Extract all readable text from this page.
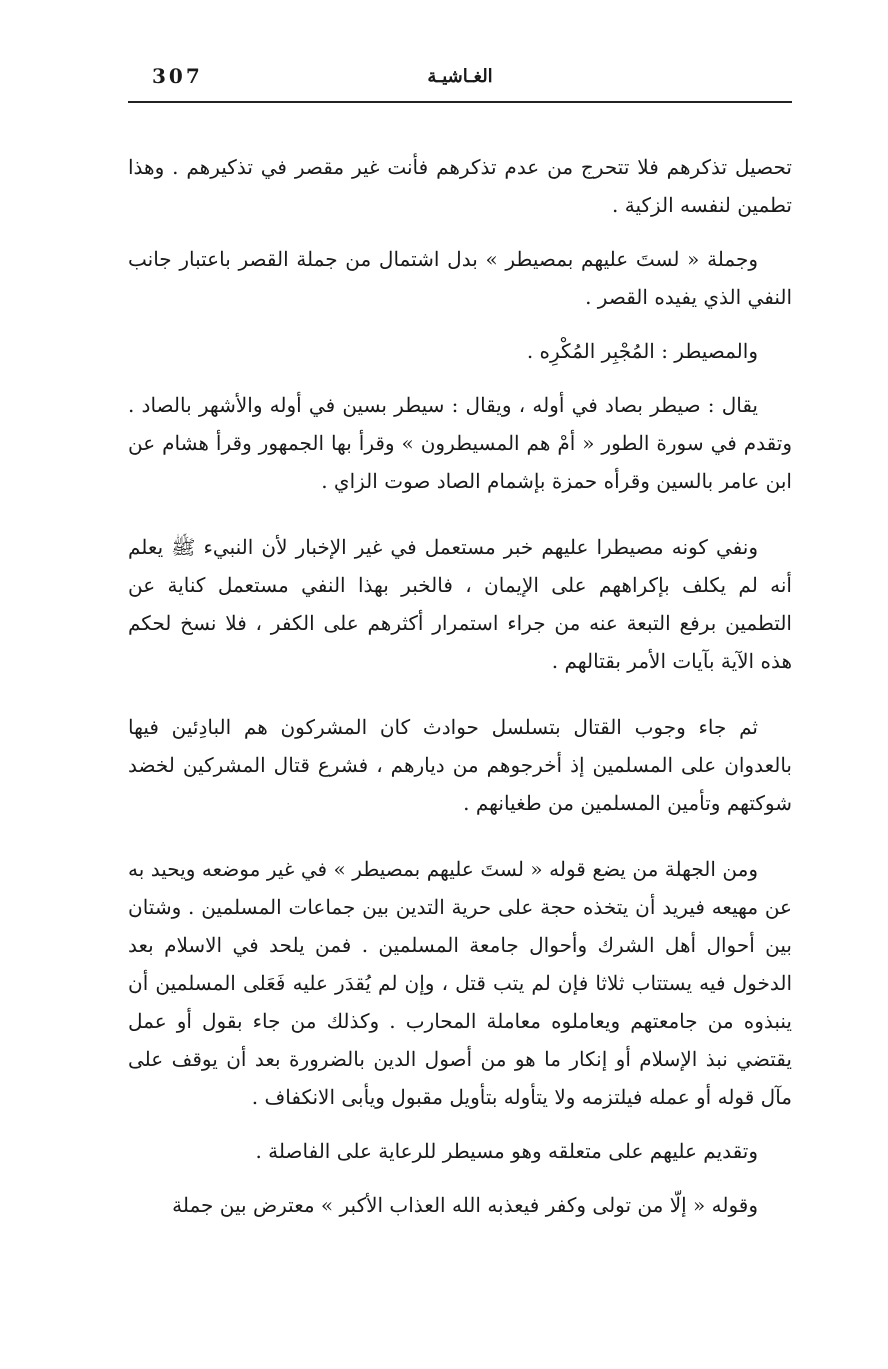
307	الغـاشيـة

تحصيل تذكرهم فلا تتحرج من عدم تذكرهم فأنت غير مقصر في تذكيرهم . وهذا تطمين لنفسه الزكية .

وجملة « لستَ عليهم بمصيطر » بدل اشتمال من جملة القصر باعتبار جانب النفي الذي يفيده القصر .

والمصيطر : المُجْبِر المُكْرِه .

يقال : صيطر بصاد في أوله ، ويقال : سيطر بسين في أوله والأشهر بالصاد . وتقدم في سورة الطور « أمْ هم المسيطرون » وقرأ بها الجمهور وقرأ هشام عن ابن عامر بالسين وقرأه حمزة بإشمام الصاد صوت الزاي .

ونفي كونه مصيطرا عليهم خبر مستعمل في غير الإخبار لأن النبيء ﷺ يعلم أنه لم يكلف بإكراههم على الإيمان ، فالخبر بهذا النفي مستعمل كناية عن التطمين برفع التبعة عنه من جراء استمرار أكثرهم على الكفر ، فلا نسخ لحكم هذه الآية بآيات الأمر بقتالهم .

ثم جاء وجوب القتال بتسلسل حوادث كان المشركون هم البادِئين فيها بالعدوان على المسلمين إذ أخرجوهم من ديارهم ، فشرع قتال المشركين لخضد شوكتهم وتأمين المسلمين من طغيانهم .

ومن الجهلة من يضع قوله « لستَ عليهم بمصيطر » في غير موضعه ويحيد به عن مهيعه فيريد أن يتخذه حجة على حرية التدين بين جماعات المسلمين . وشتان بين أحوال أهل الشرك وأحوال جامعة المسلمين . فمن يلحد في الاسلام بعد الدخول فيه يستتاب ثلاثا فإن لم يتب قتل ، وإن لم يُقدَر عليه فَعَلى المسلمين أن ينبذوه من جامعتهم ويعاملوه معاملة المحارب . وكذلك من جاء بقول أو عمل يقتضي نبذ الإسلام أو إنكار ما هو من أصول الدين بالضرورة بعد أن يوقف على مآل قوله أو عمله فيلتزمه ولا يتأوله بتأويل مقبول ويأبى الانكفاف .

وتقديم عليهم على متعلقه وهو مسيطر للرعاية على الفاصلة .

وقوله « إلّا من تولى وكفر فيعذبه الله العذاب الأكبر » معترض بين جملة
